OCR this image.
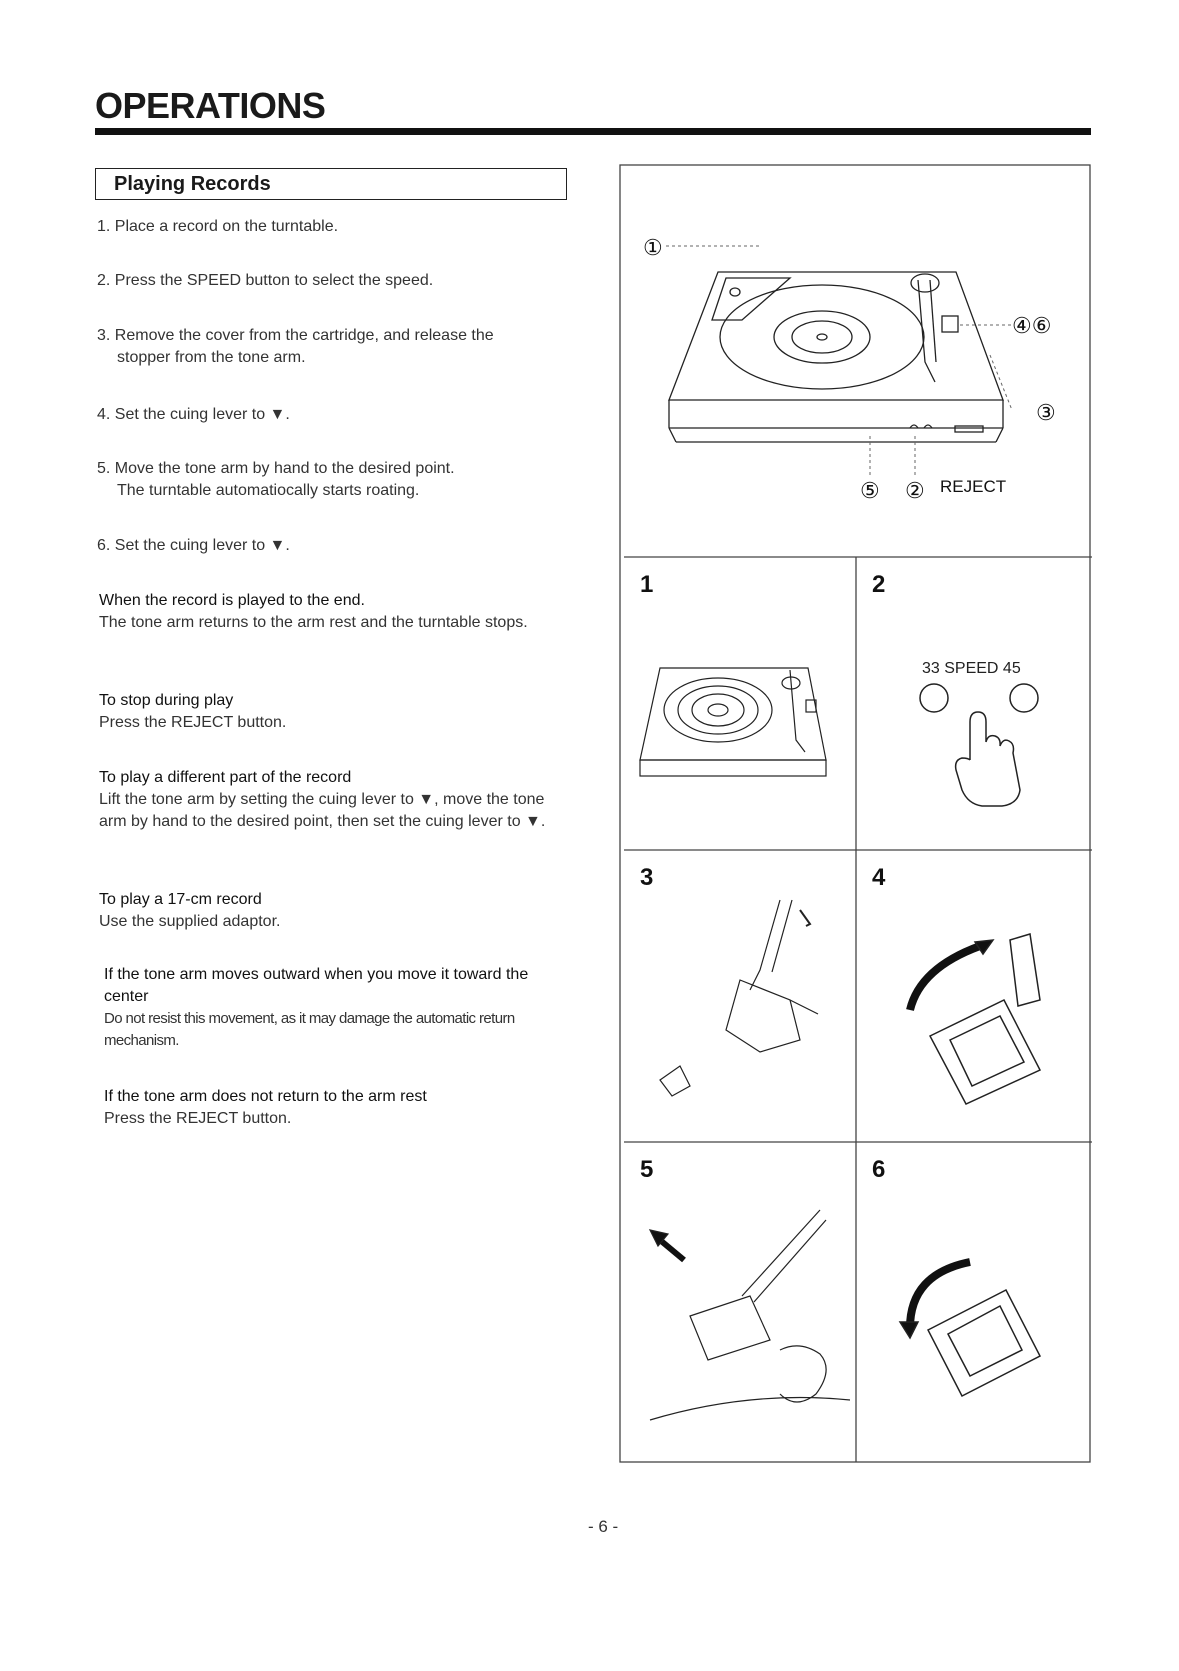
OPERATIONS
Playing Records

1. Place a record on the turntable.

2. Press the SPEED button to select the speed.

3. Remove the cover from the cartridge, and release the

stopper from the tone arm.

4. Set the cuing lever to ▼.

5. Move the tone arm by hand to the desired point.

The turntable automatiocally starts roating.

6. Set the cuing lever to ▼.

When the record is played to the end.
The tone arm returns to the arm rest and the turntable stops.
To stop during play
Press the REJECT button.
To play a different part of the record
Lift the tone arm by setting the cuing lever to ▼, move the tone arm by hand to the desired point, then set the cuing lever to ▼.
To play a 17-cm record
Use the supplied adaptor.
If the tone arm moves outward when you move it toward the center
Do not resist this movement, as it may damage the automatic return mechanism.
If the tone arm does not return to the arm rest
Press the REJECT button.
①
④⑥
③
⑤ ② REJECT
1	2
3	4
5	6
33 SPEED 45
- 6 -
